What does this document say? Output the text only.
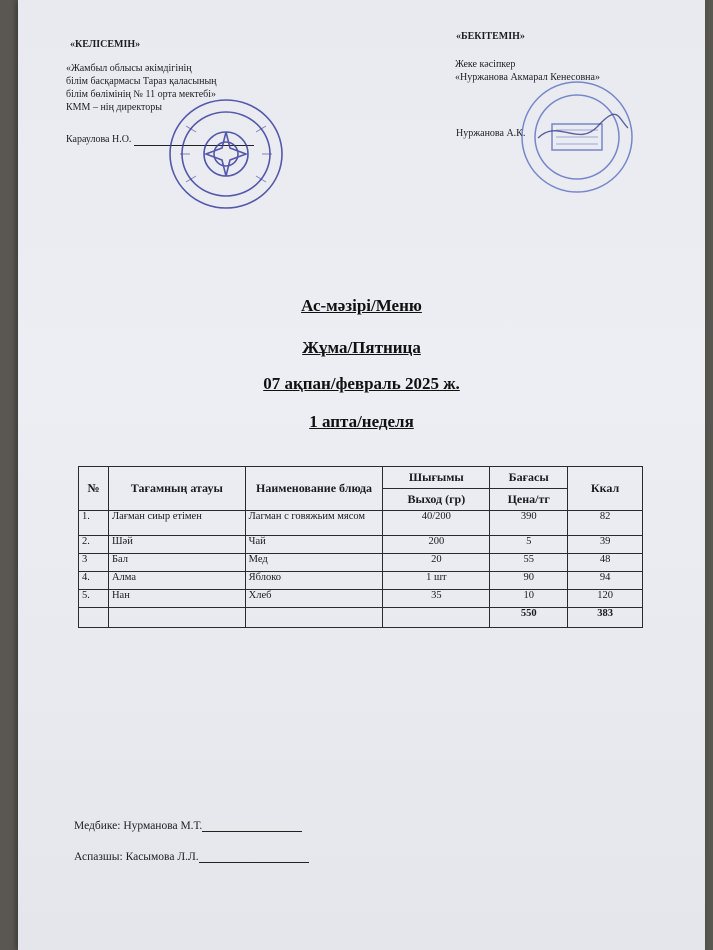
«КЕЛІСЕМІН»
«Жамбыл облысы әкімдігінің
білім басқармасы Тараз қаласының
білім бөлімінің № 11 орта мектебі»
КММ – нің директоры
Караулова Н.О.
«БЕКІТЕМІН»
Жеке кәсіпкер
«Нуржанова Акмарал Кенесовна»
Нуржанова А.К.
Ас-мәзірі/Меню
Жұма/Пятница
07 ақпан/февраль 2025 ж.
1 апта/неделя
№	Тағамның атауы	Наименование блюда	Шығымы	Бағасы	Ккал
			Выход (гр)	Цена/тг	
1.	Лағман сиыр етімен	Лагман с говяжьим мясом	40/200	390	82
2.	Шәй	Чай	200	5	39
3	Бал	Мед	20	55	48
4.	Алма	Яблоко	1 шт	90	94
5.	Нан	Хлеб	35	10	120
				550	383
Медбике: Нурманова М.Т.
Аспазшы: Касымова Л.Л.
